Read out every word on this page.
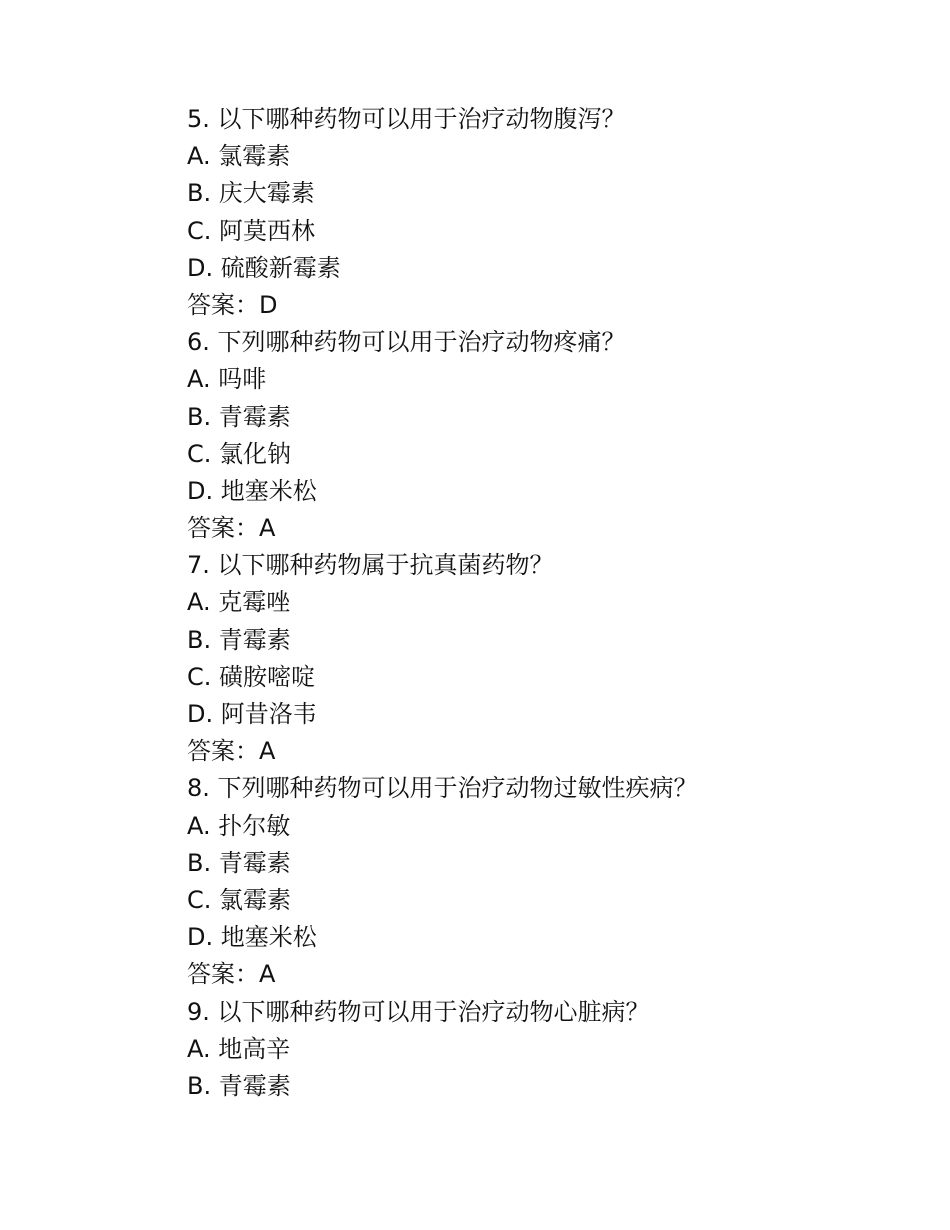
5. 以下哪种药物可以用于治疗动物腹泻？
A. 氯霉素
B. 庆大霉素
C. 阿莫西林
D. 硫酸新霉素
答案：D
6. 下列哪种药物可以用于治疗动物疼痛？
A. 吗啡
B. 青霉素
C. 氯化钠
D. 地塞米松
答案：A
7. 以下哪种药物属于抗真菌药物？
A. 克霉唑
B. 青霉素
C. 磺胺嘧啶
D. 阿昔洛韦
答案：A
8. 下列哪种药物可以用于治疗动物过敏性疾病？
A. 扑尔敏
B. 青霉素
C. 氯霉素
D. 地塞米松
答案：A
9. 以下哪种药物可以用于治疗动物心脏病？
A. 地高辛
B. 青霉素
